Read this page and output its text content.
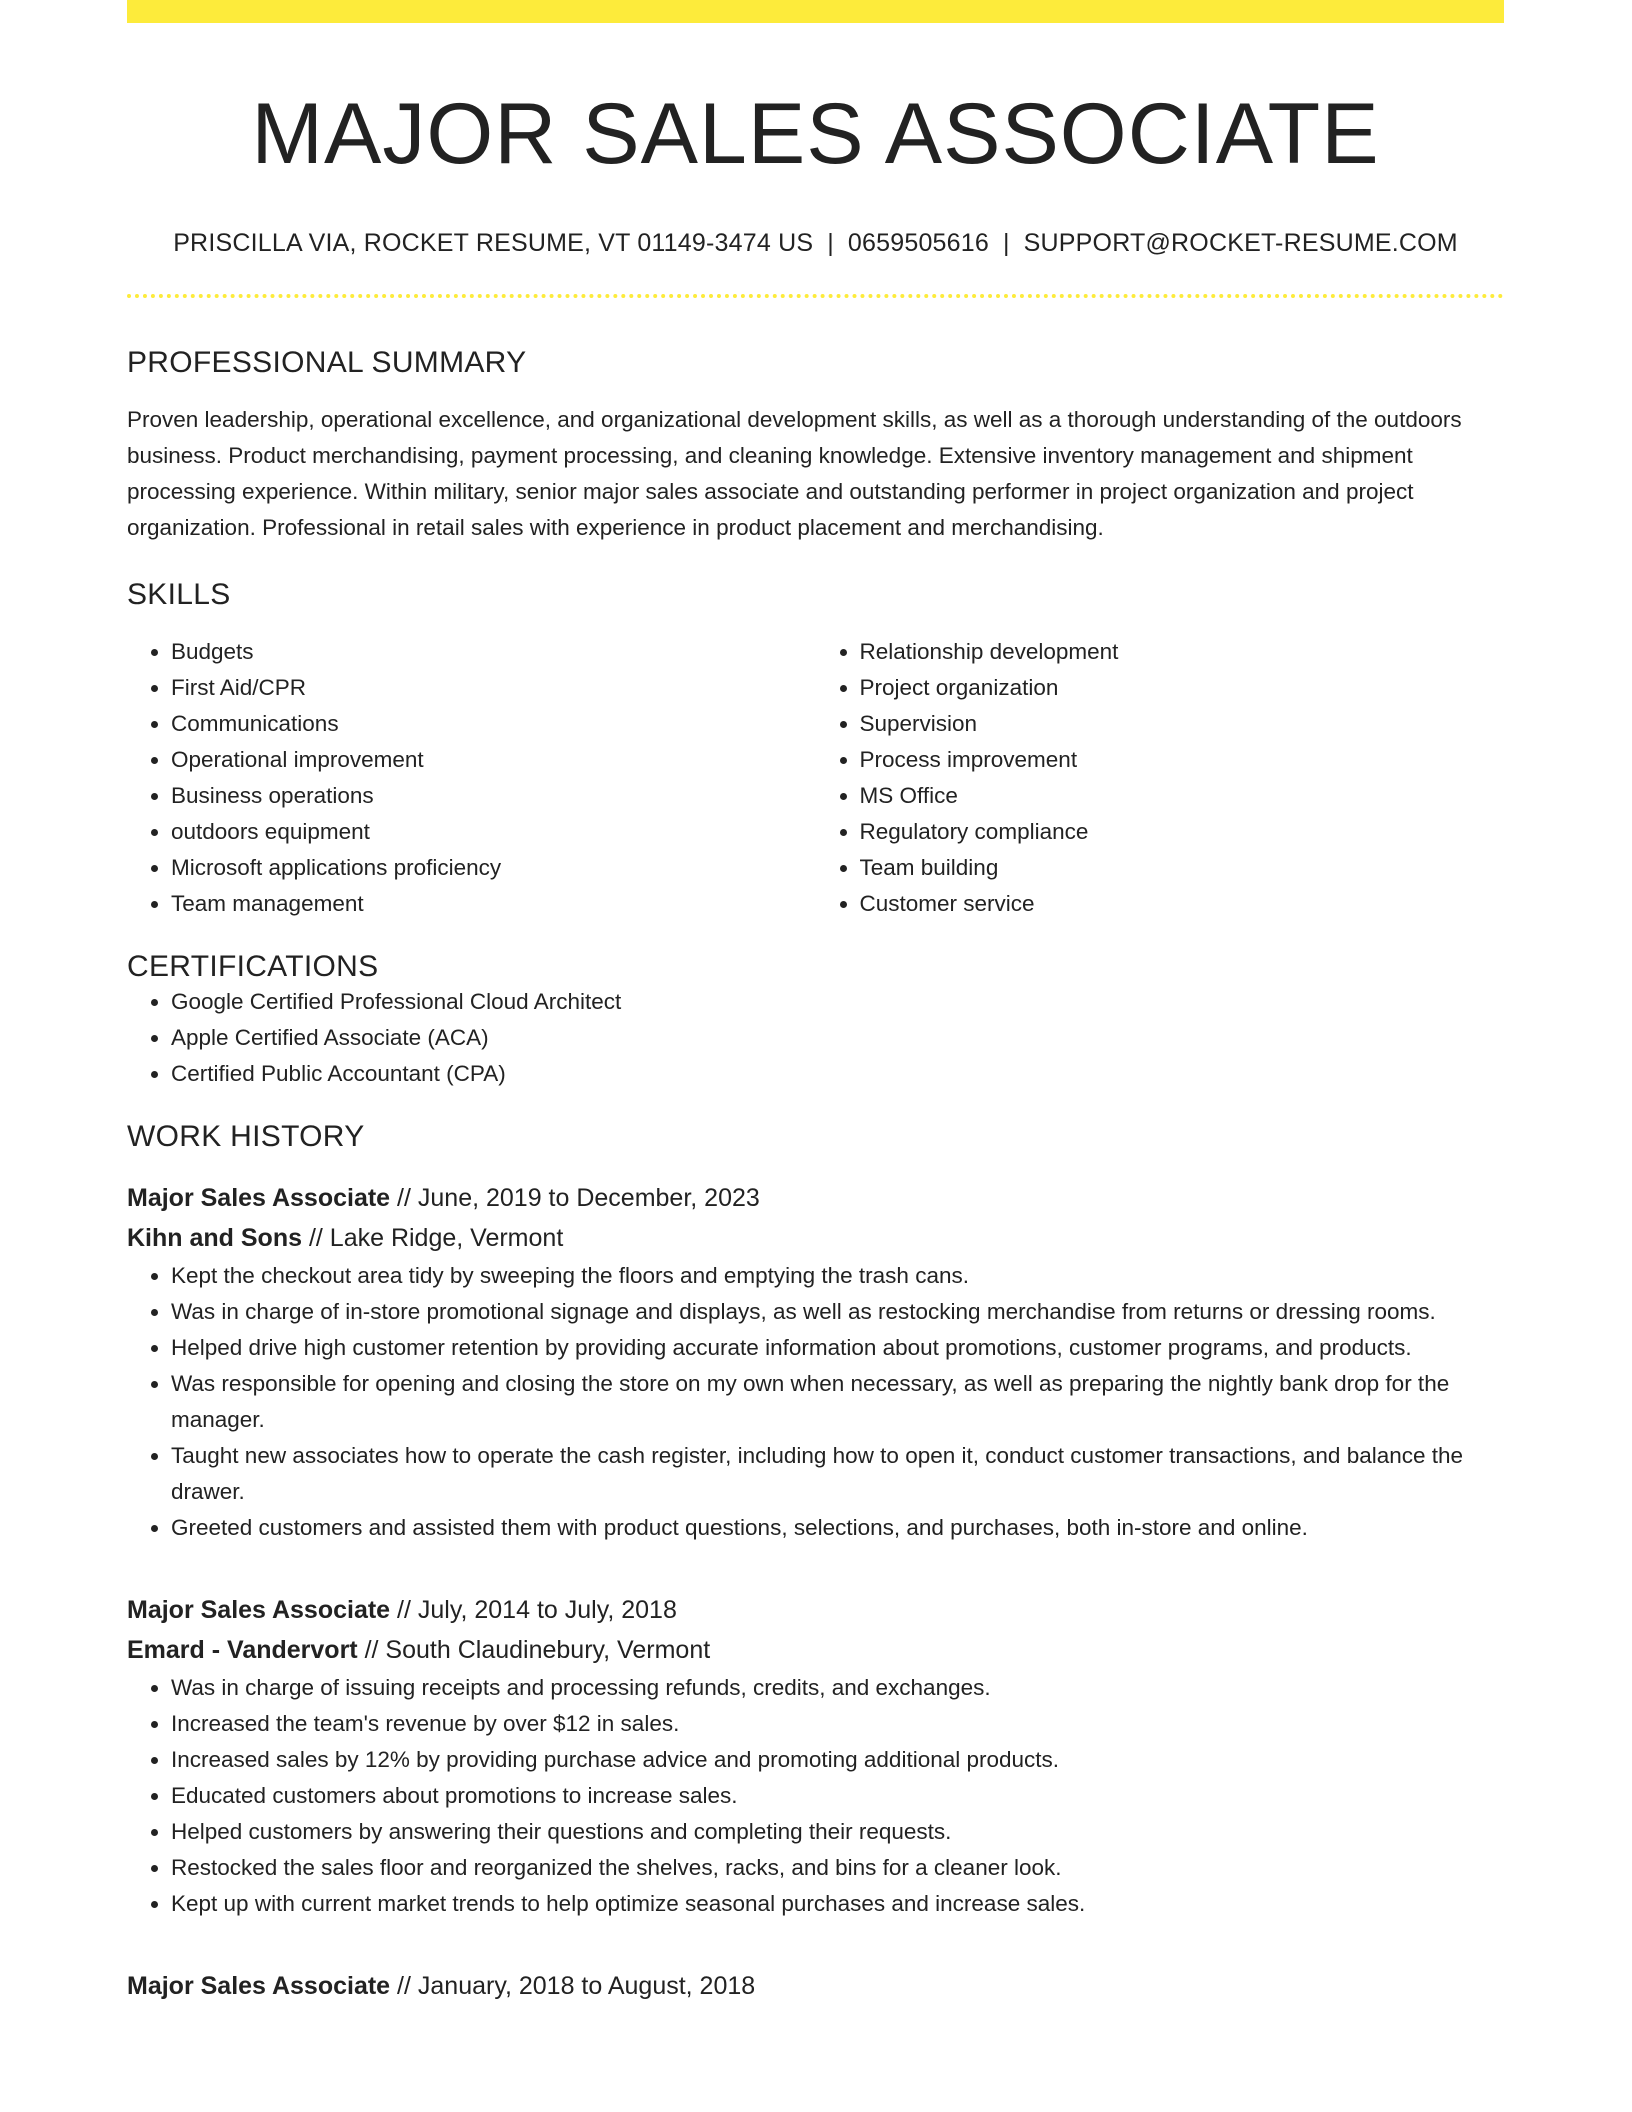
MAJOR SALES ASSOCIATE
PRISCILLA VIA, ROCKET RESUME, VT 01149-3474 US | 0659505616 | SUPPORT@ROCKET-RESUME.COM
PROFESSIONAL SUMMARY
Proven leadership, operational excellence, and organizational development skills, as well as a thorough understanding of the outdoors business. Product merchandising, payment processing, and cleaning knowledge. Extensive inventory management and shipment processing experience. Within military, senior major sales associate and outstanding performer in project organization and project organization. Professional in retail sales with experience in product placement and merchandising.
SKILLS
• Budgets
• First Aid/CPR
• Communications
• Operational improvement
• Business operations
• outdoors equipment
• Microsoft applications proficiency
• Team management
• Relationship development
• Project organization
• Supervision
• Process improvement
• MS Office
• Regulatory compliance
• Team building
• Customer service
CERTIFICATIONS
• Google Certified Professional Cloud Architect
• Apple Certified Associate (ACA)
• Certified Public Accountant (CPA)
WORK HISTORY
Major Sales Associate // June, 2019 to December, 2023
Kihn and Sons // Lake Ridge, Vermont
• Kept the checkout area tidy by sweeping the floors and emptying the trash cans.
• Was in charge of in-store promotional signage and displays, as well as restocking merchandise from returns or dressing rooms.
• Helped drive high customer retention by providing accurate information about promotions, customer programs, and products.
• Was responsible for opening and closing the store on my own when necessary, as well as preparing the nightly bank drop for the manager.
• Taught new associates how to operate the cash register, including how to open it, conduct customer transactions, and balance the drawer.
• Greeted customers and assisted them with product questions, selections, and purchases, both in-store and online.
Major Sales Associate // July, 2014 to July, 2018
Emard - Vandervort // South Claudinebury, Vermont
• Was in charge of issuing receipts and processing refunds, credits, and exchanges.
• Increased the team's revenue by over $12 in sales.
• Increased sales by 12% by providing purchase advice and promoting additional products.
• Educated customers about promotions to increase sales.
• Helped customers by answering their questions and completing their requests.
• Restocked the sales floor and reorganized the shelves, racks, and bins for a cleaner look.
• Kept up with current market trends to help optimize seasonal purchases and increase sales.
Major Sales Associate // January, 2018 to August, 2018
